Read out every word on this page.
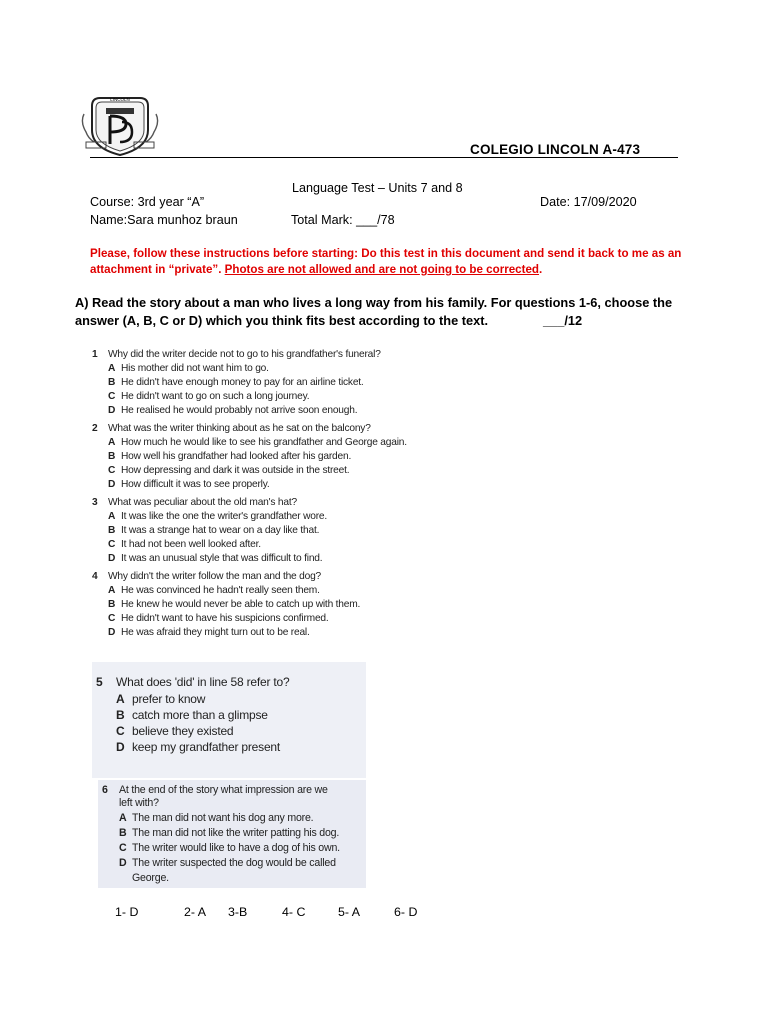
LINCOLN
COLEGIO LINCOLN A-473
Language Test – Units 7 and 8
Course: 3rd year “A”	Date: 17/09/2020
Name:Sara munhoz braun	Total Mark: ___/78
Please, follow these instructions before starting: Do this test in this document and send it back to me as an attachment in “private”. Photos are not allowed and are not going to be corrected.
A) Read the story about a man who lives a long way from his family. For questions 1-6, choose the
answer (A, B, C or D) which you think fits best according to the text.	___/12
1 Why did the writer decide not to go to his grandfather's funeral?
A His mother did not want him to go.
B He didn't have enough money to pay for an airline ticket.
C He didn't want to go on such a long journey.
D He realised he would probably not arrive soon enough.
2 What was the writer thinking about as he sat on the balcony?
A How much he would like to see his grandfather and George again.
B How well his grandfather had looked after his garden.
C How depressing and dark it was outside in the street.
D How difficult it was to see properly.
3 What was peculiar about the old man's hat?
A It was like the one the writer's grandfather wore.
B It was a strange hat to wear on a day like that.
C It had not been well looked after.
D It was an unusual style that was difficult to find.
4 Why didn't the writer follow the man and the dog?
A He was convinced he hadn't really seen them.
B He knew he would never be able to catch up with them.
C He didn't want to have his suspicions confirmed.
D He was afraid they might turn out to be real.
5 What does 'did' in line 58 refer to?
A prefer to know
B catch more than a glimpse
C believe they existed
D keep my grandfather present
6 At the end of the story what impression are we
left with?
A The man did not want his dog any more.
B The man did not like the writer patting his dog.
C The writer would like to have a dog of his own.
D The writer suspected the dog would be called
George.
1- D	2- A 3-B	4- C	5- A	6- D
